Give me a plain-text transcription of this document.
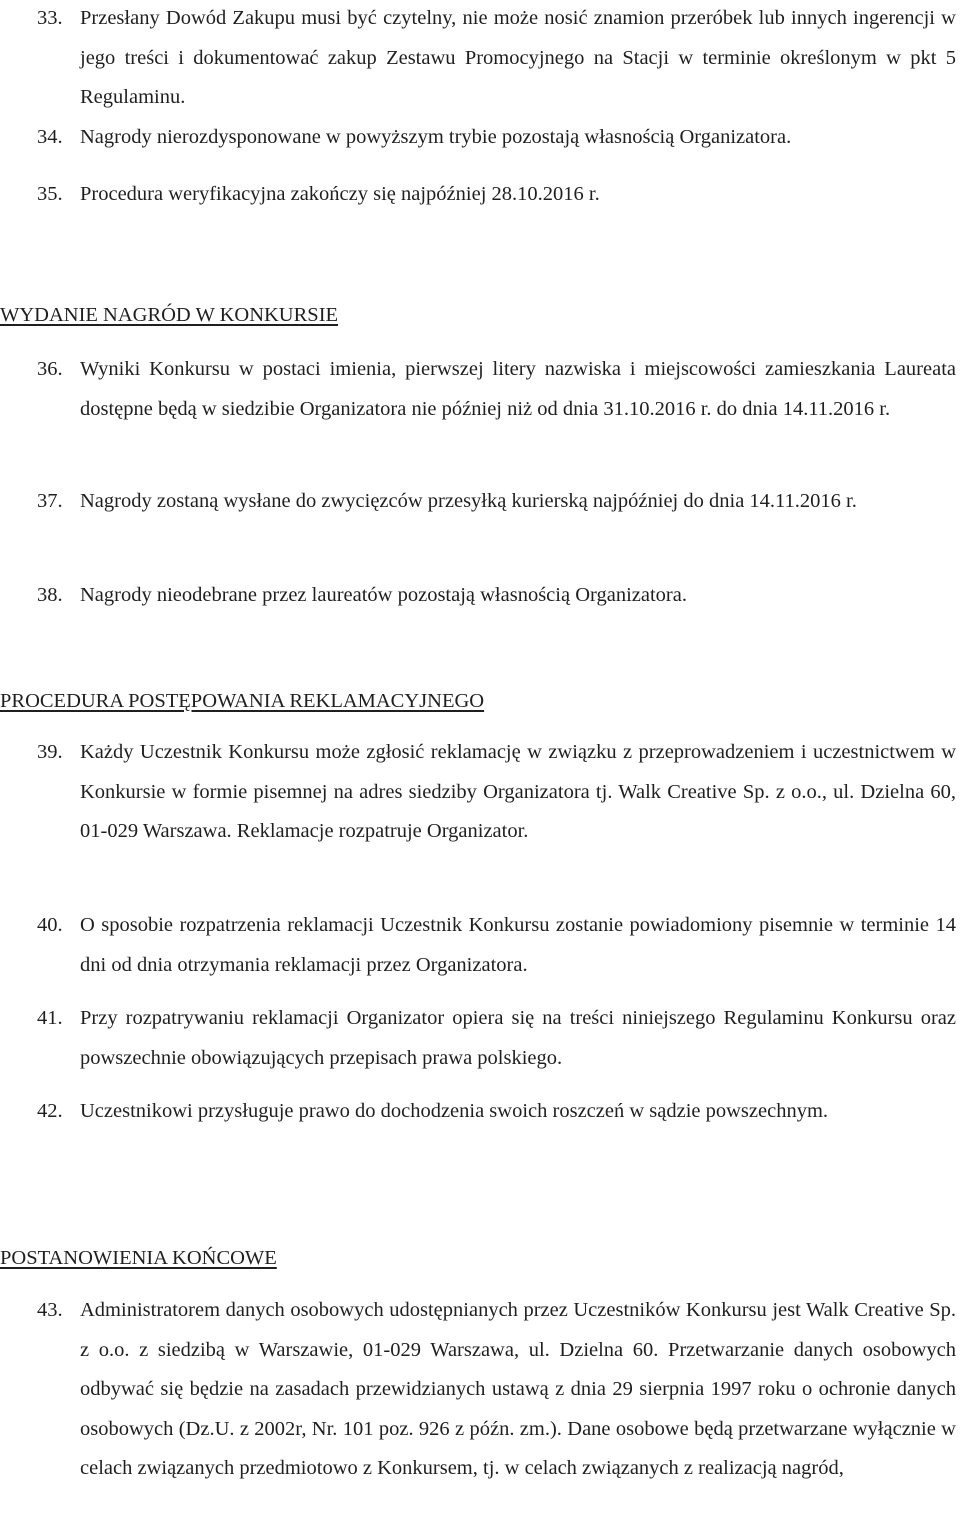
33. Przesłany Dowód Zakupu musi być czytelny, nie może nosić znamion przeróbek lub innych ingerencji w jego treści i dokumentować zakup Zestawu Promocyjnego na Stacji w terminie określonym w pkt 5 Regulaminu.
34. Nagrody nierozdysponowane w powyższym trybie pozostają własnością Organizatora.
35. Procedura weryfikacyjna zakończy się najpóźniej 28.10.2016 r.
WYDANIE NAGRÓD W KONKURSIE
36. Wyniki Konkursu w postaci imienia, pierwszej litery nazwiska i miejscowości zamieszkania Laureata dostępne będą w siedzibie Organizatora nie później niż od dnia 31.10.2016 r. do dnia 14.11.2016 r.
37. Nagrody zostaną wysłane do zwycięzców przesyłką kurierską najpóźniej do dnia 14.11.2016 r.
38. Nagrody nieodebrane przez laureatów pozostają własnością Organizatora.
PROCEDURA POSTĘPOWANIA REKLAMACYJNEGO
39. Każdy Uczestnik Konkursu może zgłosić reklamację w związku z przeprowadzeniem i uczestnictwem w Konkursie w formie pisemnej na adres siedziby Organizatora tj. Walk Creative Sp. z o.o., ul. Dzielna 60, 01-029 Warszawa. Reklamacje rozpatruje Organizator.
40. O sposobie rozpatrzenia reklamacji Uczestnik Konkursu zostanie powiadomiony pisemnie w terminie 14 dni od dnia otrzymania reklamacji przez Organizatora.
41. Przy rozpatrywaniu reklamacji Organizator opiera się na treści niniejszego Regulaminu Konkursu oraz powszechnie obowiązujących przepisach prawa polskiego.
42. Uczestnikowi przysługuje prawo do dochodzenia swoich roszczeń w sądzie powszechnym.
POSTANOWIENIA KOŃCOWE
43. Administratorem danych osobowych udostępnianych przez Uczestników Konkursu jest Walk Creative Sp. z o.o. z siedzibą w Warszawie, 01-029 Warszawa, ul. Dzielna 60. Przetwarzanie danych osobowych odbywać się będzie na zasadach przewidzianych ustawą z dnia 29 sierpnia 1997 roku o ochronie danych osobowych (Dz.U. z 2002r, Nr. 101 poz. 926 z późn. zm.). Dane osobowe będą przetwarzane wyłącznie w celach związanych przedmiotowo z Konkursem, tj. w celach związanych z realizacją nagród,
